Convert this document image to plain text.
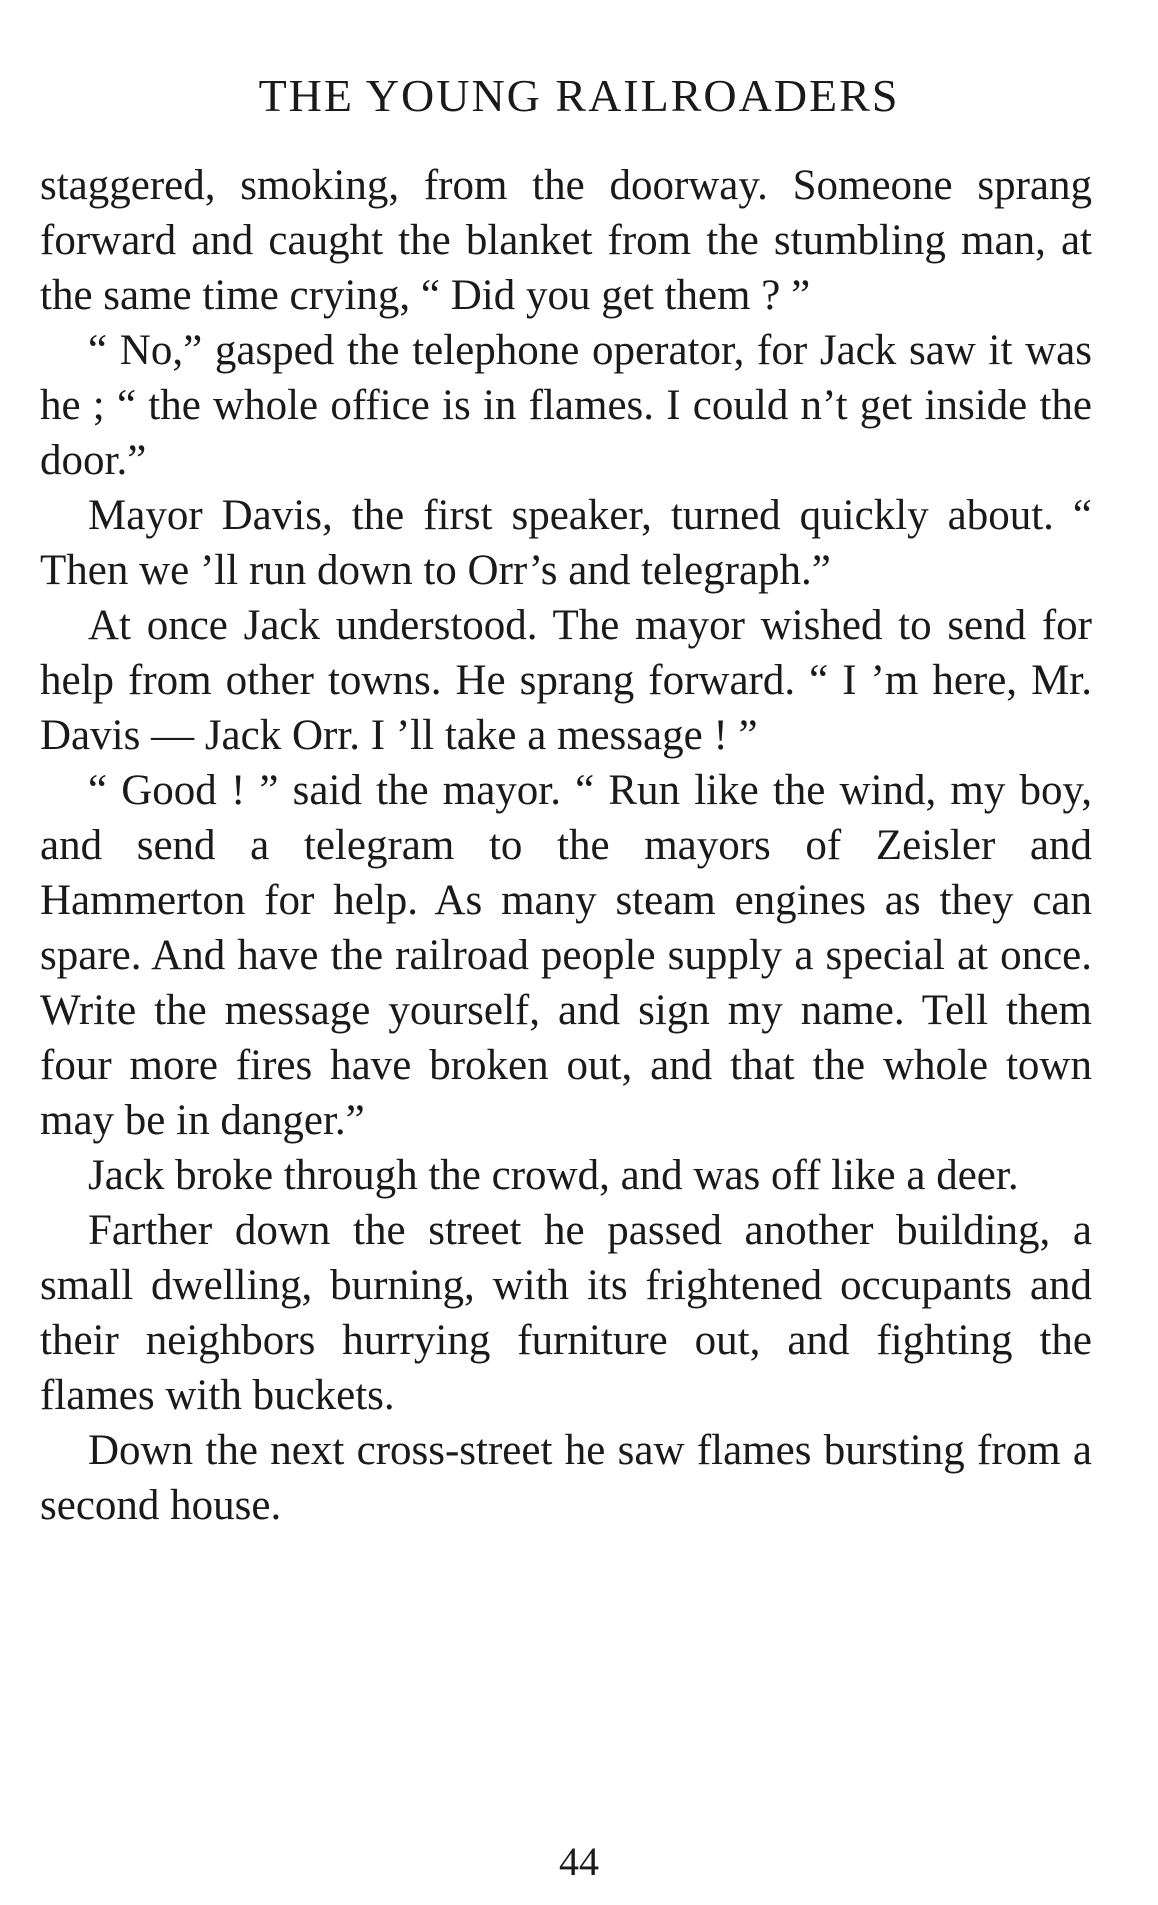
THE YOUNG RAILROADERS

staggered, smoking, from the doorway. Someone sprang forward and caught the blanket from the stumbling man, at the same time crying, “ Did you get them ? ”

“ No,” gasped the telephone operator, for Jack saw it was he ; “ the whole office is in flames. I could n’t get inside the door.”

Mayor Davis, the first speaker, turned quickly about. “ Then we ’ll run down to Orr’s and telegraph.”

At once Jack understood. The mayor wished to send for help from other towns. He sprang forward. “ I ’m here, Mr. Davis — Jack Orr. I ’ll take a message ! ”

“ Good ! ” said the mayor. “ Run like the wind, my boy, and send a telegram to the mayors of Zeisler and Hammerton for help. As many steam engines as they can spare. And have the railroad people supply a special at once. Write the message yourself, and sign my name. Tell them four more fires have broken out, and that the whole town may be in danger.”

Jack broke through the crowd, and was off like a deer.

Farther down the street he passed another building, a small dwelling, burning, with its frightened occupants and their neighbors hurrying furniture out, and fighting the flames with buckets.

Down the next cross-street he saw flames bursting from a second house.

44
